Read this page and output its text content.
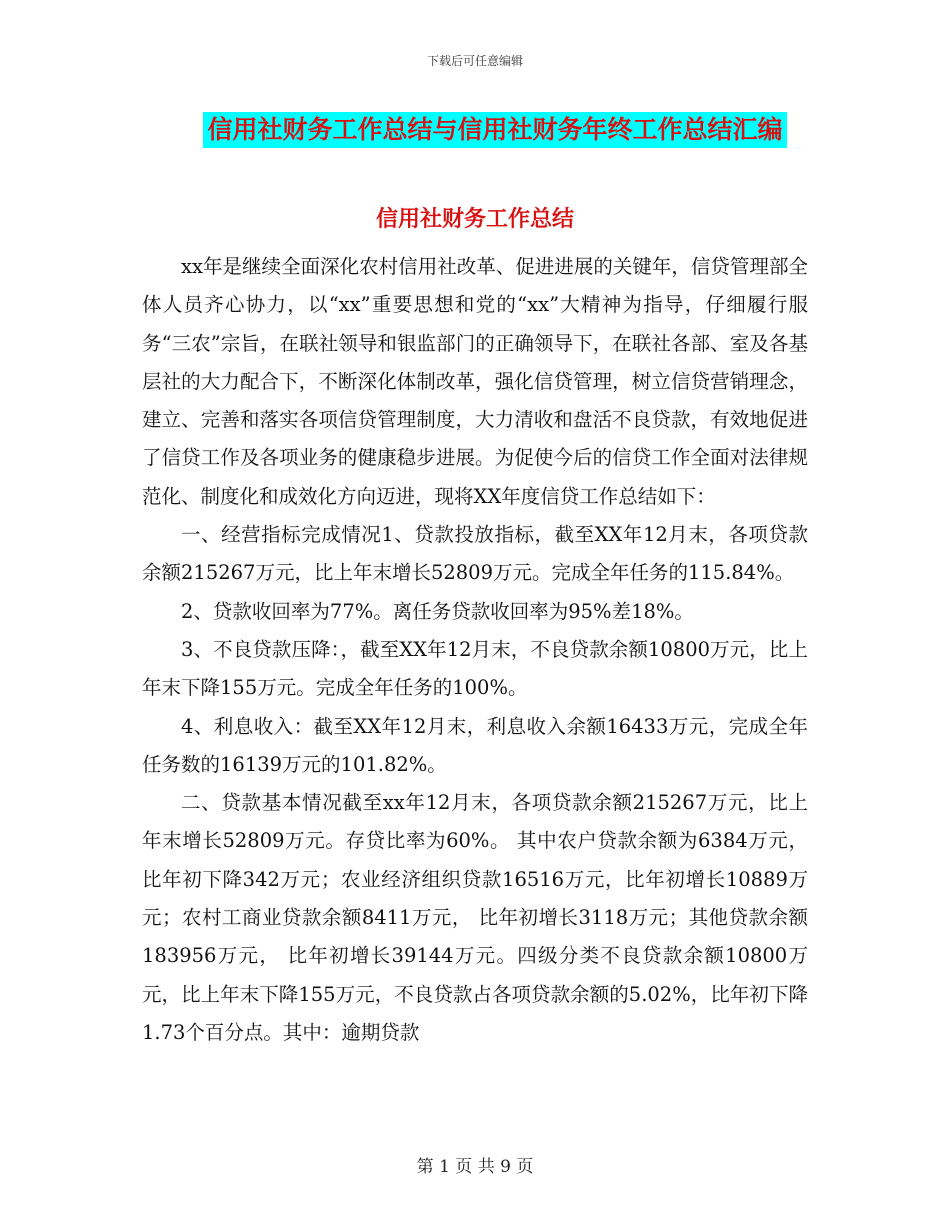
下载后可任意编辑
信用社财务工作总结与信用社财务年终工作总结汇编
信用社财务工作总结

xx年是继续全面深化农村信用社改革、促进进展的关键年，信贷管理部全体人员齐心协力，以“xx”重要思想和党的“xx”大精神为指导，仔细履行服务“三农”宗旨，在联社领导和银监部门的正确领导下，在联社各部、室及各基层社的大力配合下，不断深化体制改革，强化信贷管理，树立信贷营销理念，建立、完善和落实各项信贷管理制度，大力清收和盘活不良贷款，有效地促进了信贷工作及各项业务的健康稳步进展。为促使今后的信贷工作全面对法律规范化、制度化和成效化方向迈进，现将XX年度信贷工作总结如下：

一、经营指标完成情况1、贷款投放指标，截至XX年12月末，各项贷款余额215267万元，比上年末增长52809万元。完成全年任务的115.84%。

2、贷款收回率为77%。离任务贷款收回率为95%差18%。

3、不良贷款压降：，截至XX年12月末，不良贷款余额10800万元，比上年末下降155万元。完成全年任务的100%。

4、利息收入：截至XX年12月末，利息收入余额16433万元，完成全年任务数的16139万元的101.82%。

二、贷款基本情况截至xx年12月末，各项贷款余额215267万元，比上年末增长52809万元。存贷比率为60%。 其中农户贷款余额为6384万元， 比年初下降342万元；农业经济组织贷款16516万元，比年初增长10889万元；农村工商业贷款余额8411万元， 比年初增长3118万元；其他贷款余额183956万元， 比年初增长39144万元。四级分类不良贷款余额10800万元，比上年末下降155万元，不良贷款占各项贷款余额的5.02%，比年初下降1.73个百分点。其中：逾期贷款

第 1 页 共 9 页
